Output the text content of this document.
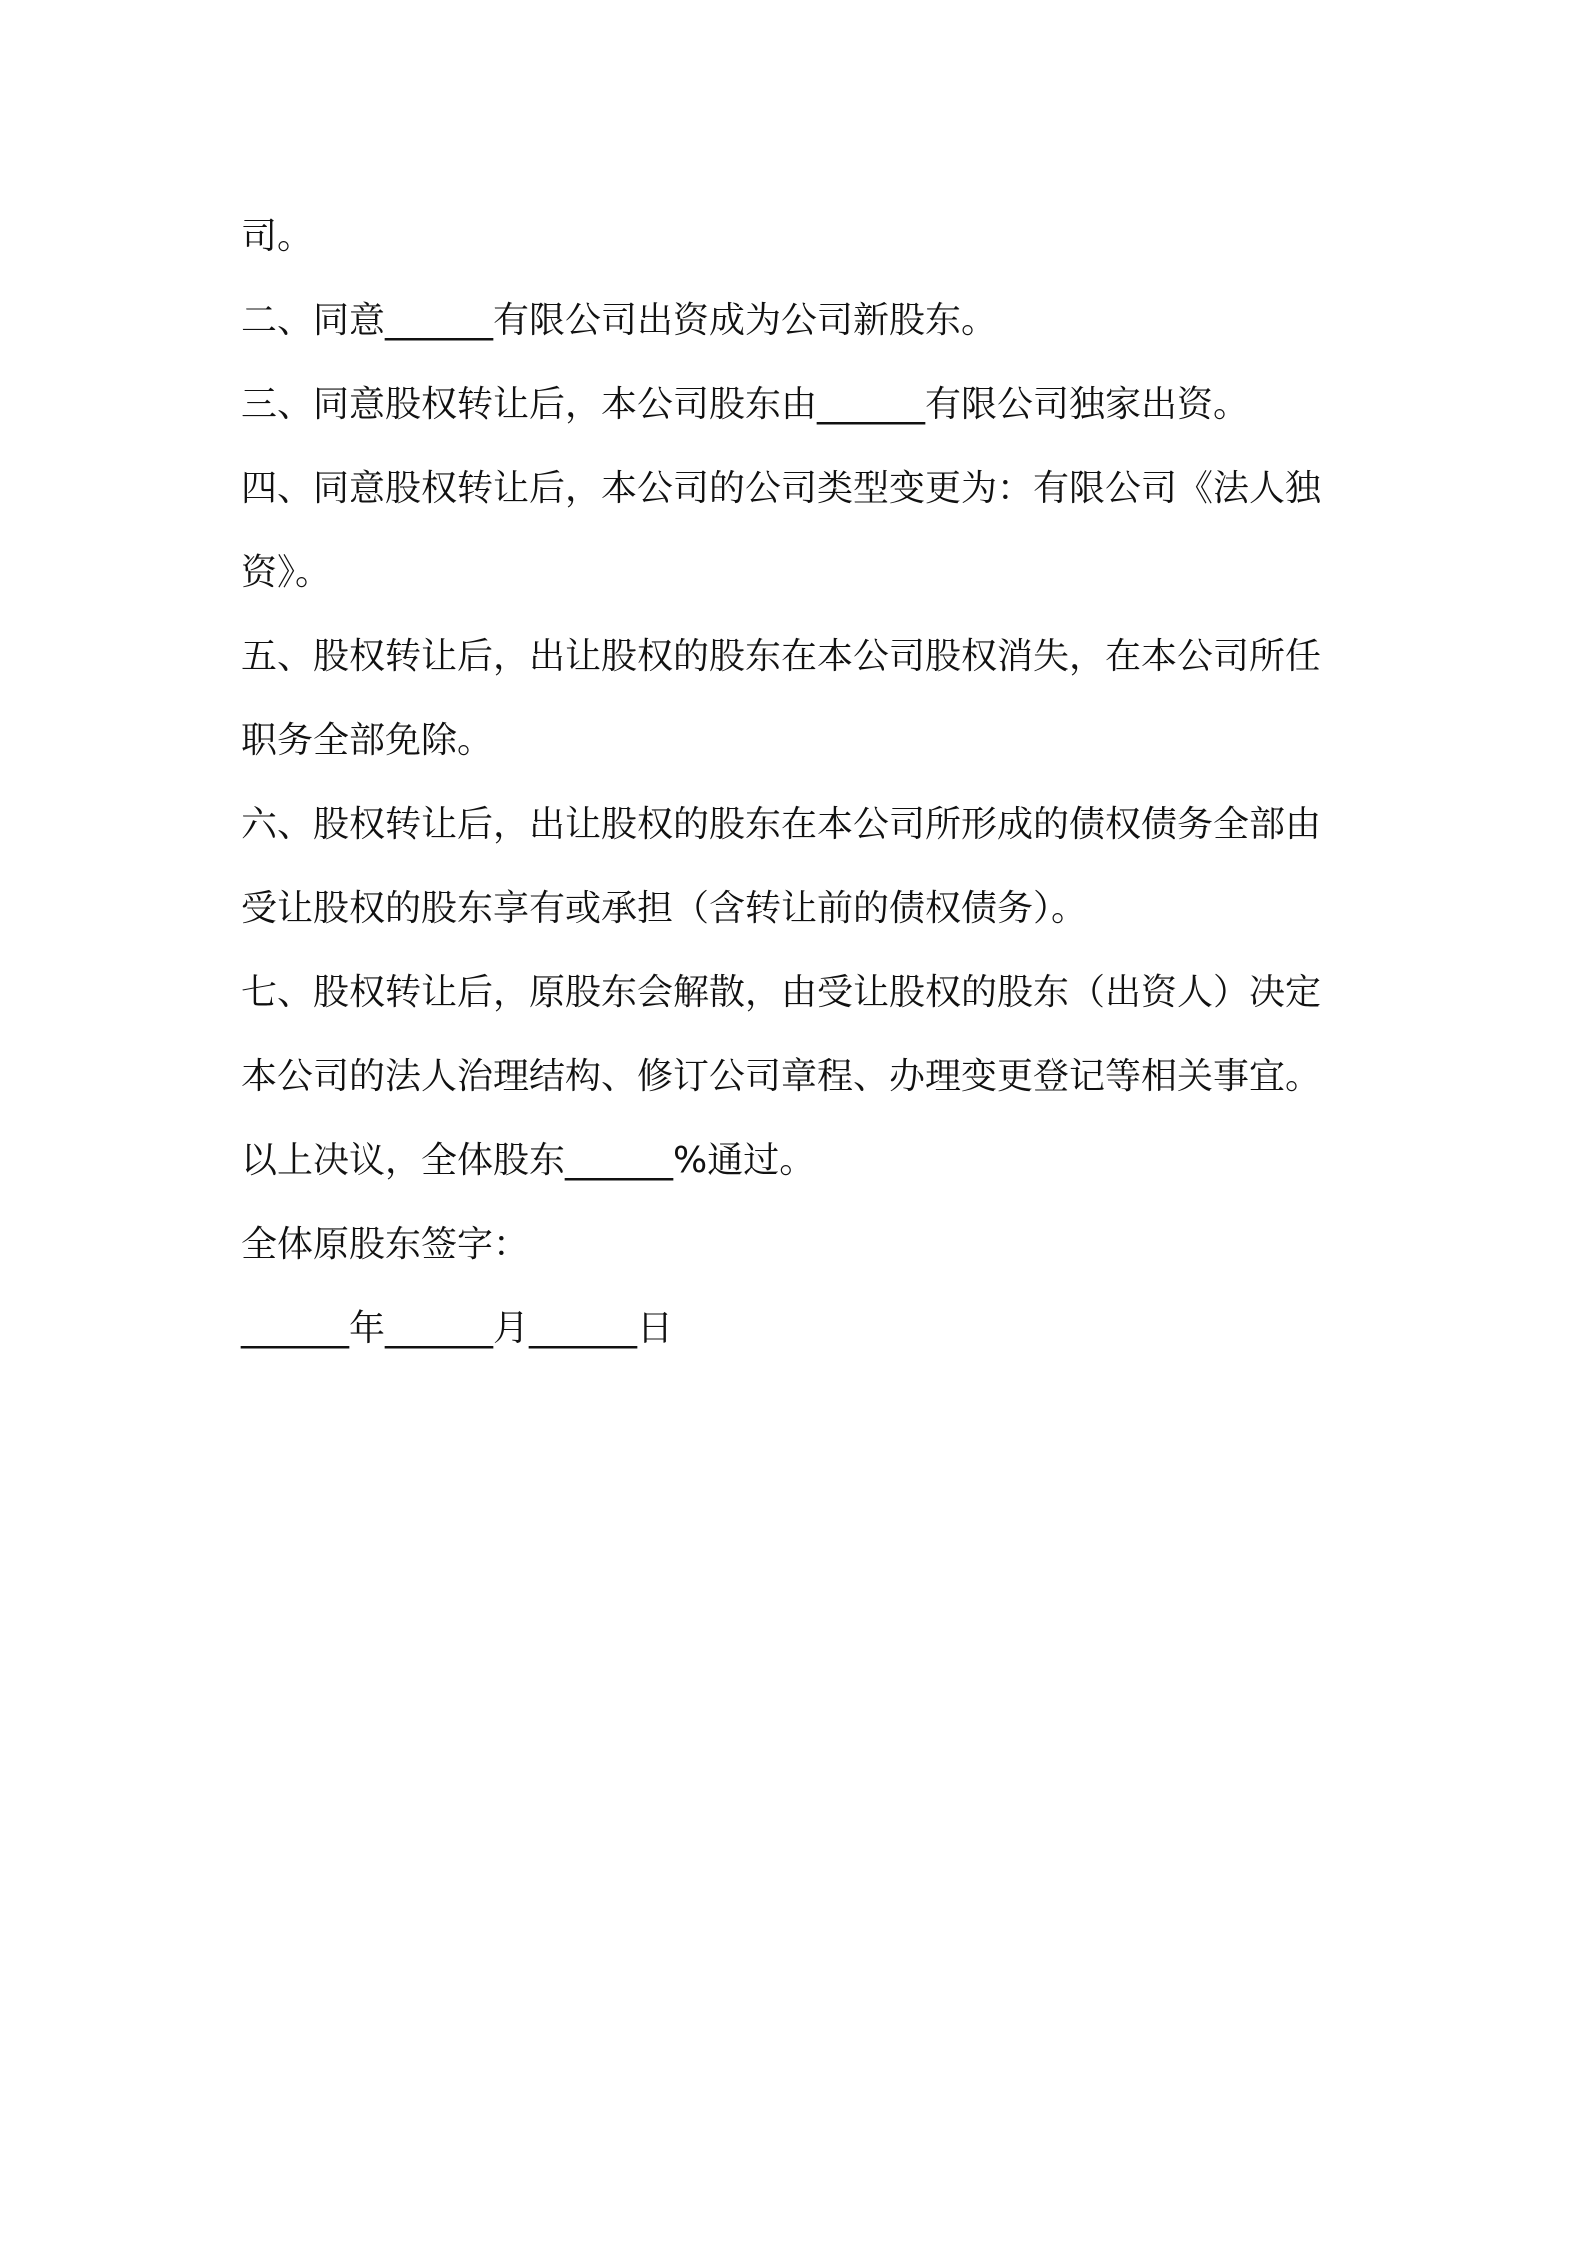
司。
二、同意______有限公司出资成为公司新股东。
三、同意股权转让后，本公司股东由______有限公司独家出资。
四、同意股权转让后，本公司的公司类型变更为：有限公司《法人独
资》。
五、股权转让后，出让股权的股东在本公司股权消失，在本公司所任
职务全部免除。
六、股权转让后，出让股权的股东在本公司所形成的债权债务全部由
受让股权的股东享有或承担（含转让前的债权债务）。
七、股权转让后，原股东会解散，由受让股权的股东（出资人）决定
本公司的法人治理结构、修订公司章程、办理变更登记等相关事宜。
以上决议，全体股东______%通过。
全体原股东签字：
______年______月______日
